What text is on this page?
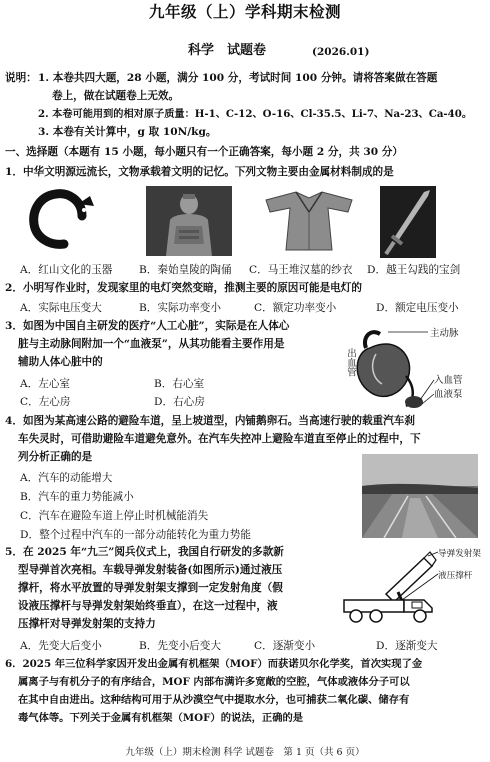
九年级（上）学科期末检测
科学　试题卷	(2026.01)
说明： 1. 本卷共四大题，28 小题，满分 100 分，考试时间 100 分钟。请将答案做在答题
卷上，做在试题卷上无效。
2. 本卷可能用到的相对原子质量：H-1、C-12、O-16、Cl-35.5、Li-7、Na-23、Ca-40。
3. 本卷有关计算中，g 取 10N/kg。
一、选择题（本题有 15 小题，每小题只有一个正确答案，每小题 2 分，共 30 分）
1．中华文明源远流长，文物承载着文明的记忆。下列文物主要由金属材料制成的是
A．红山文化的玉器	B．秦始皇陵的陶俑 C．马王堆汉墓的纱衣 D．越王勾践的宝剑
2．小明写作业时，发现家里的电灯突然变暗，推测主要的原因可能是电灯的
A．实际电压变大	B．实际功率变小	C．额定功率变小	D．额定电压变小
3．如图为中国自主研发的医疗“人工心脏”，实际是在人体心
脏与主动脉间附加一个“血液泵”，从其功能看主要作用是
辅助人体心脏中的
A．左心室	B．右心室
C．左心房	D．右心房
主动脉
出血管
入血管
血液泵
4．如图为某高速公路的避险车道，呈上坡道型，内铺鹅卵石。当高速行驶的载重汽车刹
车失灵时，可借助避险车道避免意外。在汽车失控冲上避险车道直至停止的过程中，下
列分析正确的是
A．汽车的动能增大
B．汽车的重力势能减小
C．汽车在避险车道上停止时机械能消失
D．整个过程中汽车的一部分动能转化为重力势能
5．在 2025 年“九三”阅兵仪式上，我国自行研发的多款新
型导弹首次亮相。车载导弹发射装备(如图所示)通过液压
撑杆，将水平放置的导弹发射架支撑到一定发射角度（假
设液压撑杆与导弹发射架始终垂直），在这一过程中，液
压撑杆对导弹发射架的支持力
A．先变大后变小	B．先变小后变大	C．逐渐变小	D．逐渐变大
导弹发射架
液压撑杆
6．2025 年三位科学家因开发出金属有机框架（MOF）而获诺贝尔化学奖，首次实现了金
属离子与有机分子的有序结合，MOF 内部布满许多宽敞的空腔，气体或液体分子可以
在其中自由进出。这种结构可用于从沙漠空气中提取水分，也可捕获二氧化碳、储存有
毒气体等。下列关于金属有机框架（MOF）的说法，正确的是
九年级（上）期末检测 科学 试题卷　第 1 页（共 6 页）
